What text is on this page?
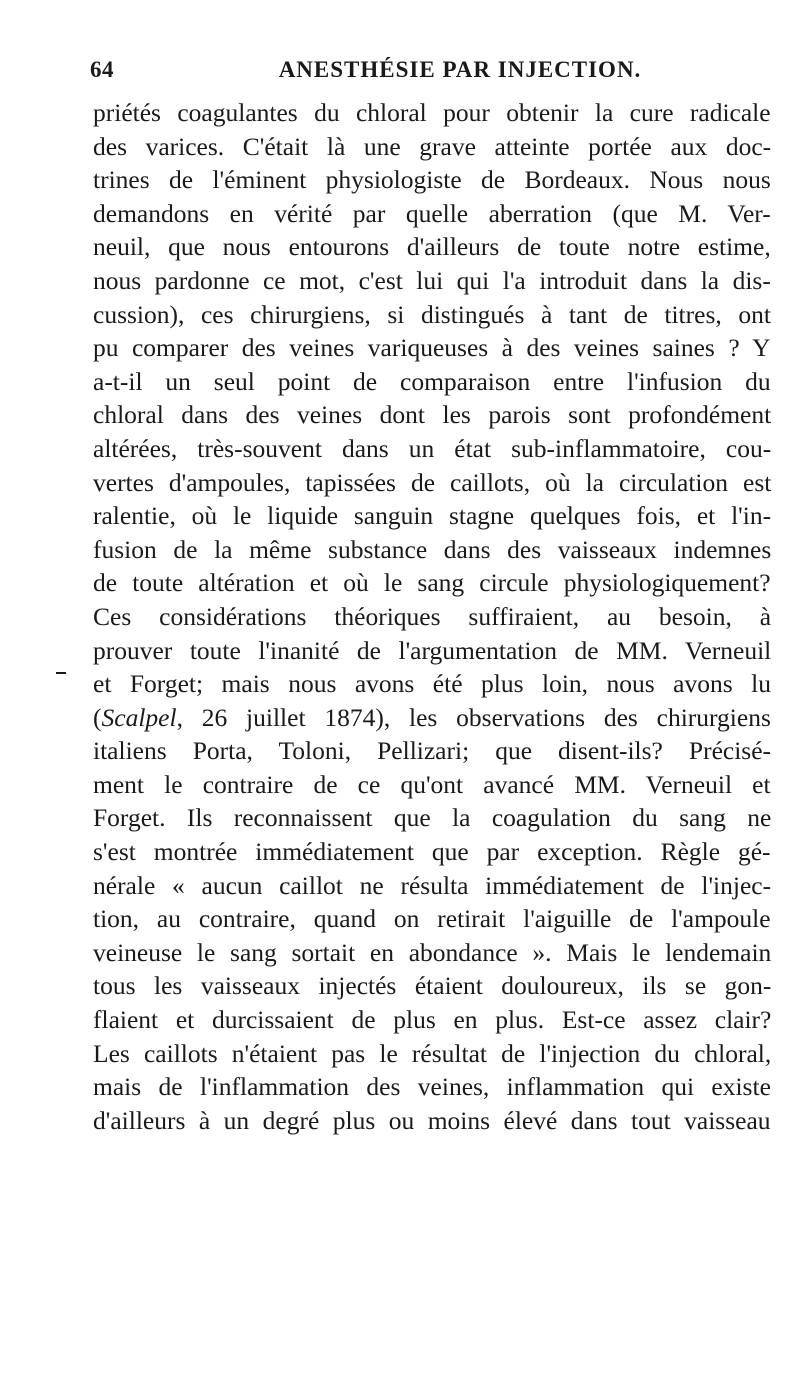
64	ANESTHÉSIE PAR INJECTION.
priétés coagulantes du chloral pour obtenir la cure radicale
des varices. C'était là une grave atteinte portée aux doc-
trines de l'éminent physiologiste de Bordeaux. Nous nous
demandons en vérité par quelle aberration (que M. Ver-
neuil, que nous entourons d'ailleurs de toute notre estime,
nous pardonne ce mot, c'est lui qui l'a introduit dans la dis-
cussion), ces chirurgiens, si distingués à tant de titres, ont
pu comparer des veines variqueuses à des veines saines ? Y
a-t-il un seul point de comparaison entre l'infusion du
chloral dans des veines dont les parois sont profondément
altérées, très-souvent dans un état sub-inflammatoire, cou-
vertes d'ampoules, tapissées de caillots, où la circulation est
ralentie, où le liquide sanguin stagne quelques fois, et l'in-
fusion de la même substance dans des vaisseaux indemnes
de toute altération et où le sang circule physiologiquement?
Ces considérations théoriques suffiraient, au besoin, à
prouver toute l'inanité de l'argumentation de MM. Verneuil
et Forget; mais nous avons été plus loin, nous avons lu
(Scalpel, 26 juillet 1874), les observations des chirurgiens
italiens Porta, Toloni, Pellizari; que disent-ils? Précisé-
ment le contraire de ce qu'ont avancé MM. Verneuil et
Forget. Ils reconnaissent que la coagulation du sang ne
s'est montrée immédiatement que par exception. Règle gé-
nérale « aucun caillot ne résulta immédiatement de l'injec-
tion, au contraire, quand on retirait l'aiguille de l'ampoule
veineuse le sang sortait en abondance ». Mais le lendemain
tous les vaisseaux injectés étaient douloureux, ils se gon-
flaient et durcissaient de plus en plus. Est-ce assez clair?
Les caillots n'étaient pas le résultat de l'injection du chloral,
mais de l'inflammation des veines, inflammation qui existe
d'ailleurs à un degré plus ou moins élevé dans tout vaisseau
